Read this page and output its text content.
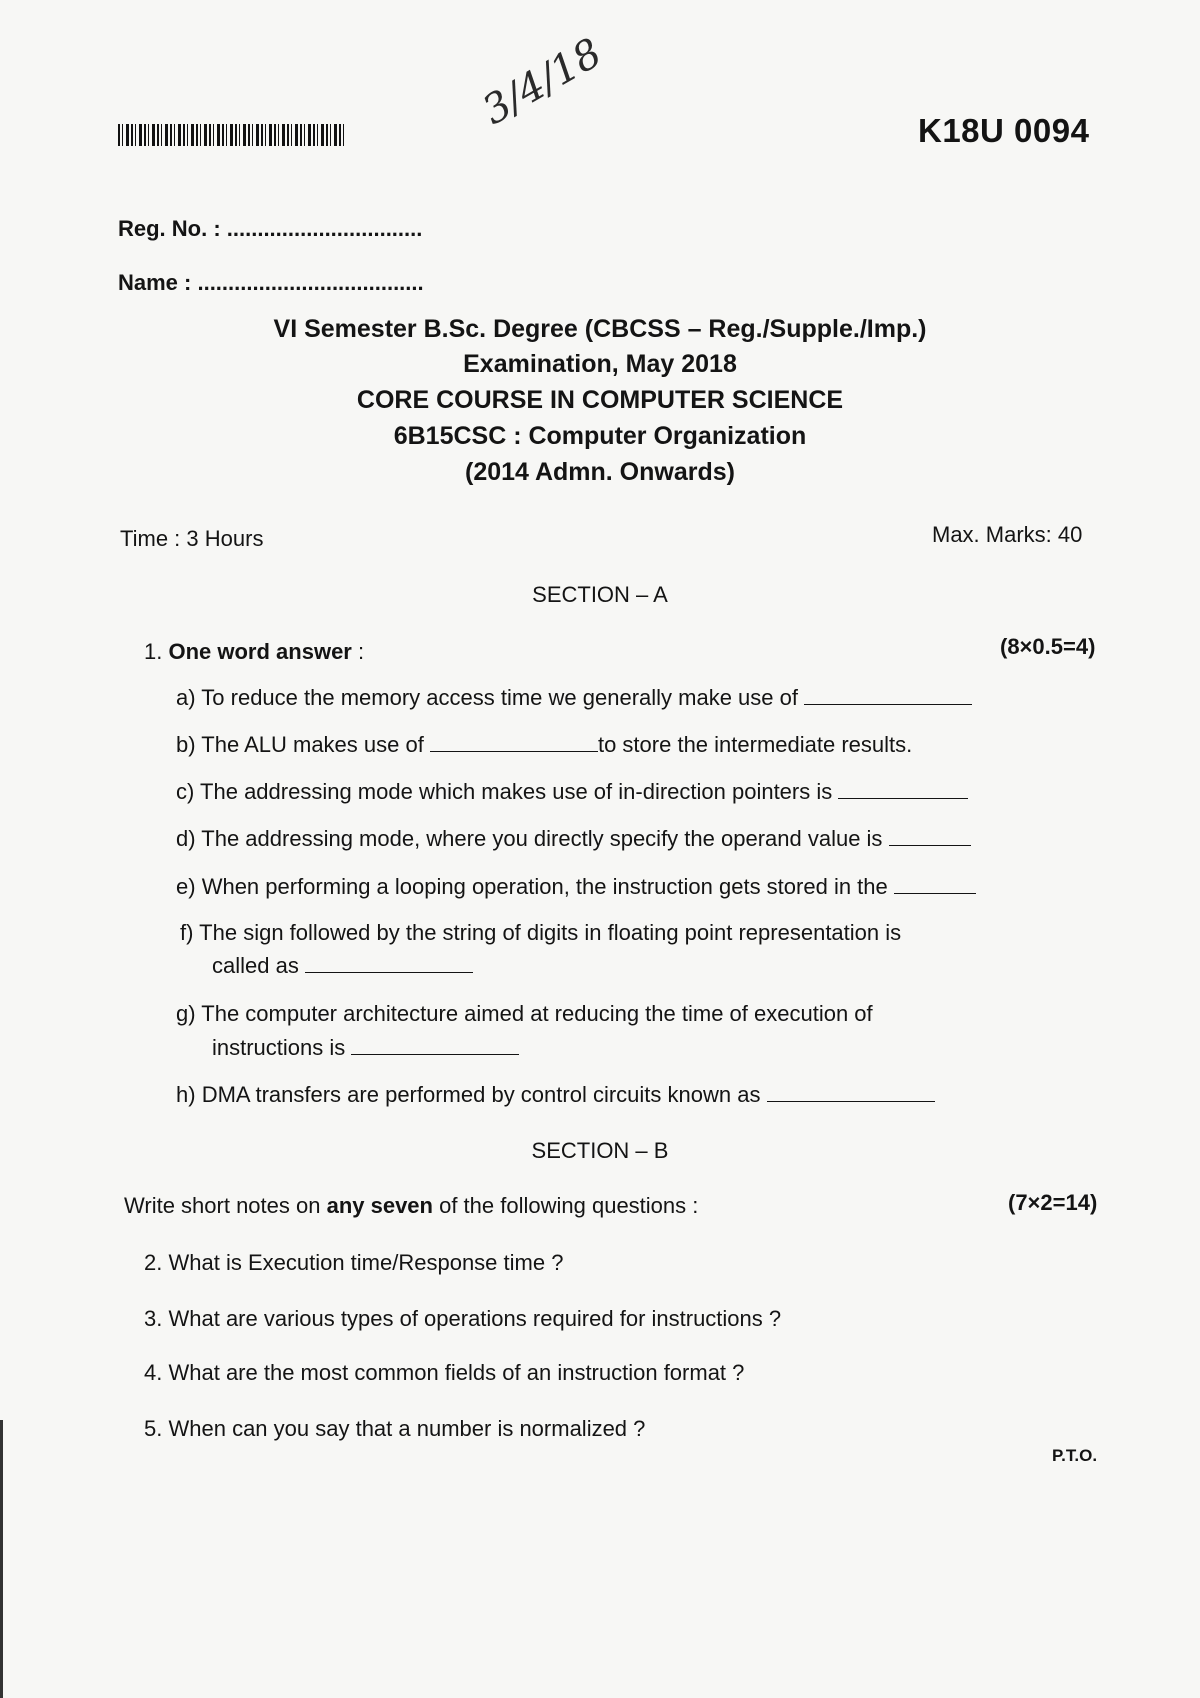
3/4/18	K18U 0094
Reg. No. : ................................
Name : .....................................
VI Semester B.Sc. Degree (CBCSS – Reg./Supple./Imp.)
Examination, May 2018
CORE COURSE IN COMPUTER SCIENCE
6B15CSC : Computer Organization
(2014 Admn. Onwards)
Time : 3 Hours	Max. Marks: 40
SECTION – A
1. One word answer :	(8×0.5=4)
a) To reduce the memory access time we generally make use of
b) The ALU makes use of	to store the intermediate results.
c) The addressing mode which makes use of in-direction pointers is
d) The addressing mode, where you directly specify the operand value is
e) When performing a looping operation, the instruction gets stored in the
f) The sign followed by the string of digits in floating point representation is
called as
g) The computer architecture aimed at reducing the time of execution of
instructions is
h) DMA transfers are performed by control circuits known as
SECTION – B
Write short notes on any seven of the following questions :	(7×2=14)
2. What is Execution time/Response time ?
3. What are various types of operations required for instructions ?
4. What are the most common fields of an instruction format ?
5. When can you say that a number is normalized ?
P.T.O.
